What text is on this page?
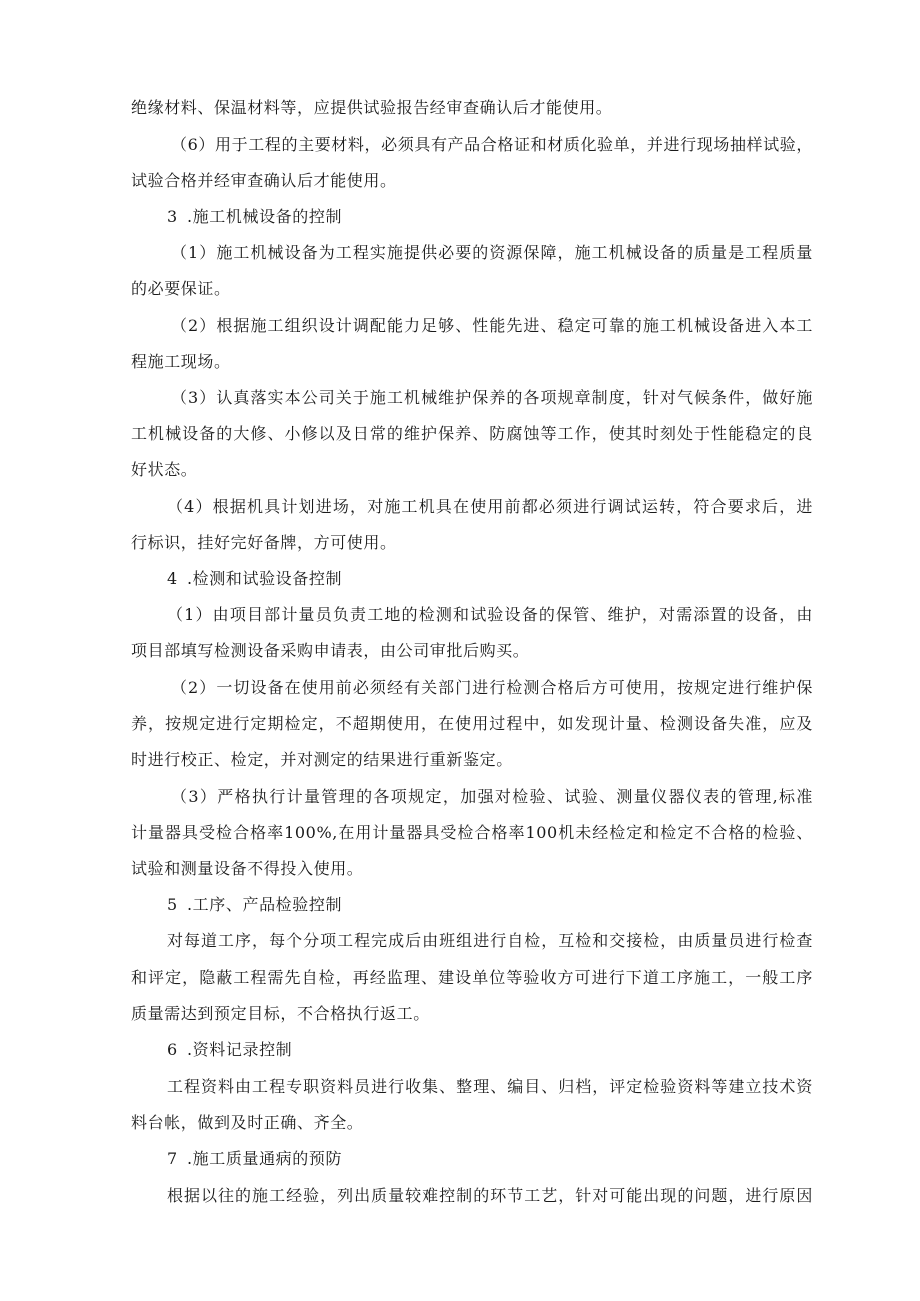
绝缘材料、保温材料等，应提供试验报告经审查确认后才能使用。
（6）用于工程的主要材料，必须具有产品合格证和材质化验单，并进行现场抽样试验，
试验合格并经审查确认后才能使用。
3 .施工机械设备的控制
（1）施工机械设备为工程实施提供必要的资源保障，施工机械设备的质量是工程质量
的必要保证。
（2）根据施工组织设计调配能力足够、性能先进、稳定可靠的施工机械设备进入本工
程施工现场。
（3）认真落实本公司关于施工机械维护保养的各项规章制度，针对气候条件，做好施
工机械设备的大修、小修以及日常的维护保养、防腐蚀等工作，使其时刻处于性能稳定的良
好状态。
（4）根据机具计划进场，对施工机具在使用前都必须进行调试运转，符合要求后，进
行标识，挂好完好备牌，方可使用。
4 .检测和试验设备控制
（1）由项目部计量员负责工地的检测和试验设备的保管、维护，对需添置的设备，由
项目部填写检测设备采购申请表，由公司审批后购买。
（2）一切设备在使用前必须经有关部门进行检测合格后方可使用，按规定进行维护保
养，按规定进行定期检定，不超期使用，在使用过程中，如发现计量、检测设备失准，应及
时进行校正、检定，并对测定的结果进行重新鉴定。
（3）严格执行计量管理的各项规定，加强对检验、试验、测量仪器仪表的管理,标准
计量器具受检合格率100%,在用计量器具受检合格率100机未经检定和检定不合格的检验、
试验和测量设备不得投入使用。
5 .工序、产品检验控制
对每道工序，每个分项工程完成后由班组进行自检，互检和交接检，由质量员进行检查
和评定，隐蔽工程需先自检，再经监理、建设单位等验收方可进行下道工序施工，一般工序
质量需达到预定目标，不合格执行返工。
6 .资料记录控制
工程资料由工程专职资料员进行收集、整理、编目、归档，评定检验资料等建立技术资
料台帐，做到及时正确、齐全。
7 .施工质量通病的预防
根据以往的施工经验，列出质量较难控制的环节工艺，针对可能出现的问题，进行原因
